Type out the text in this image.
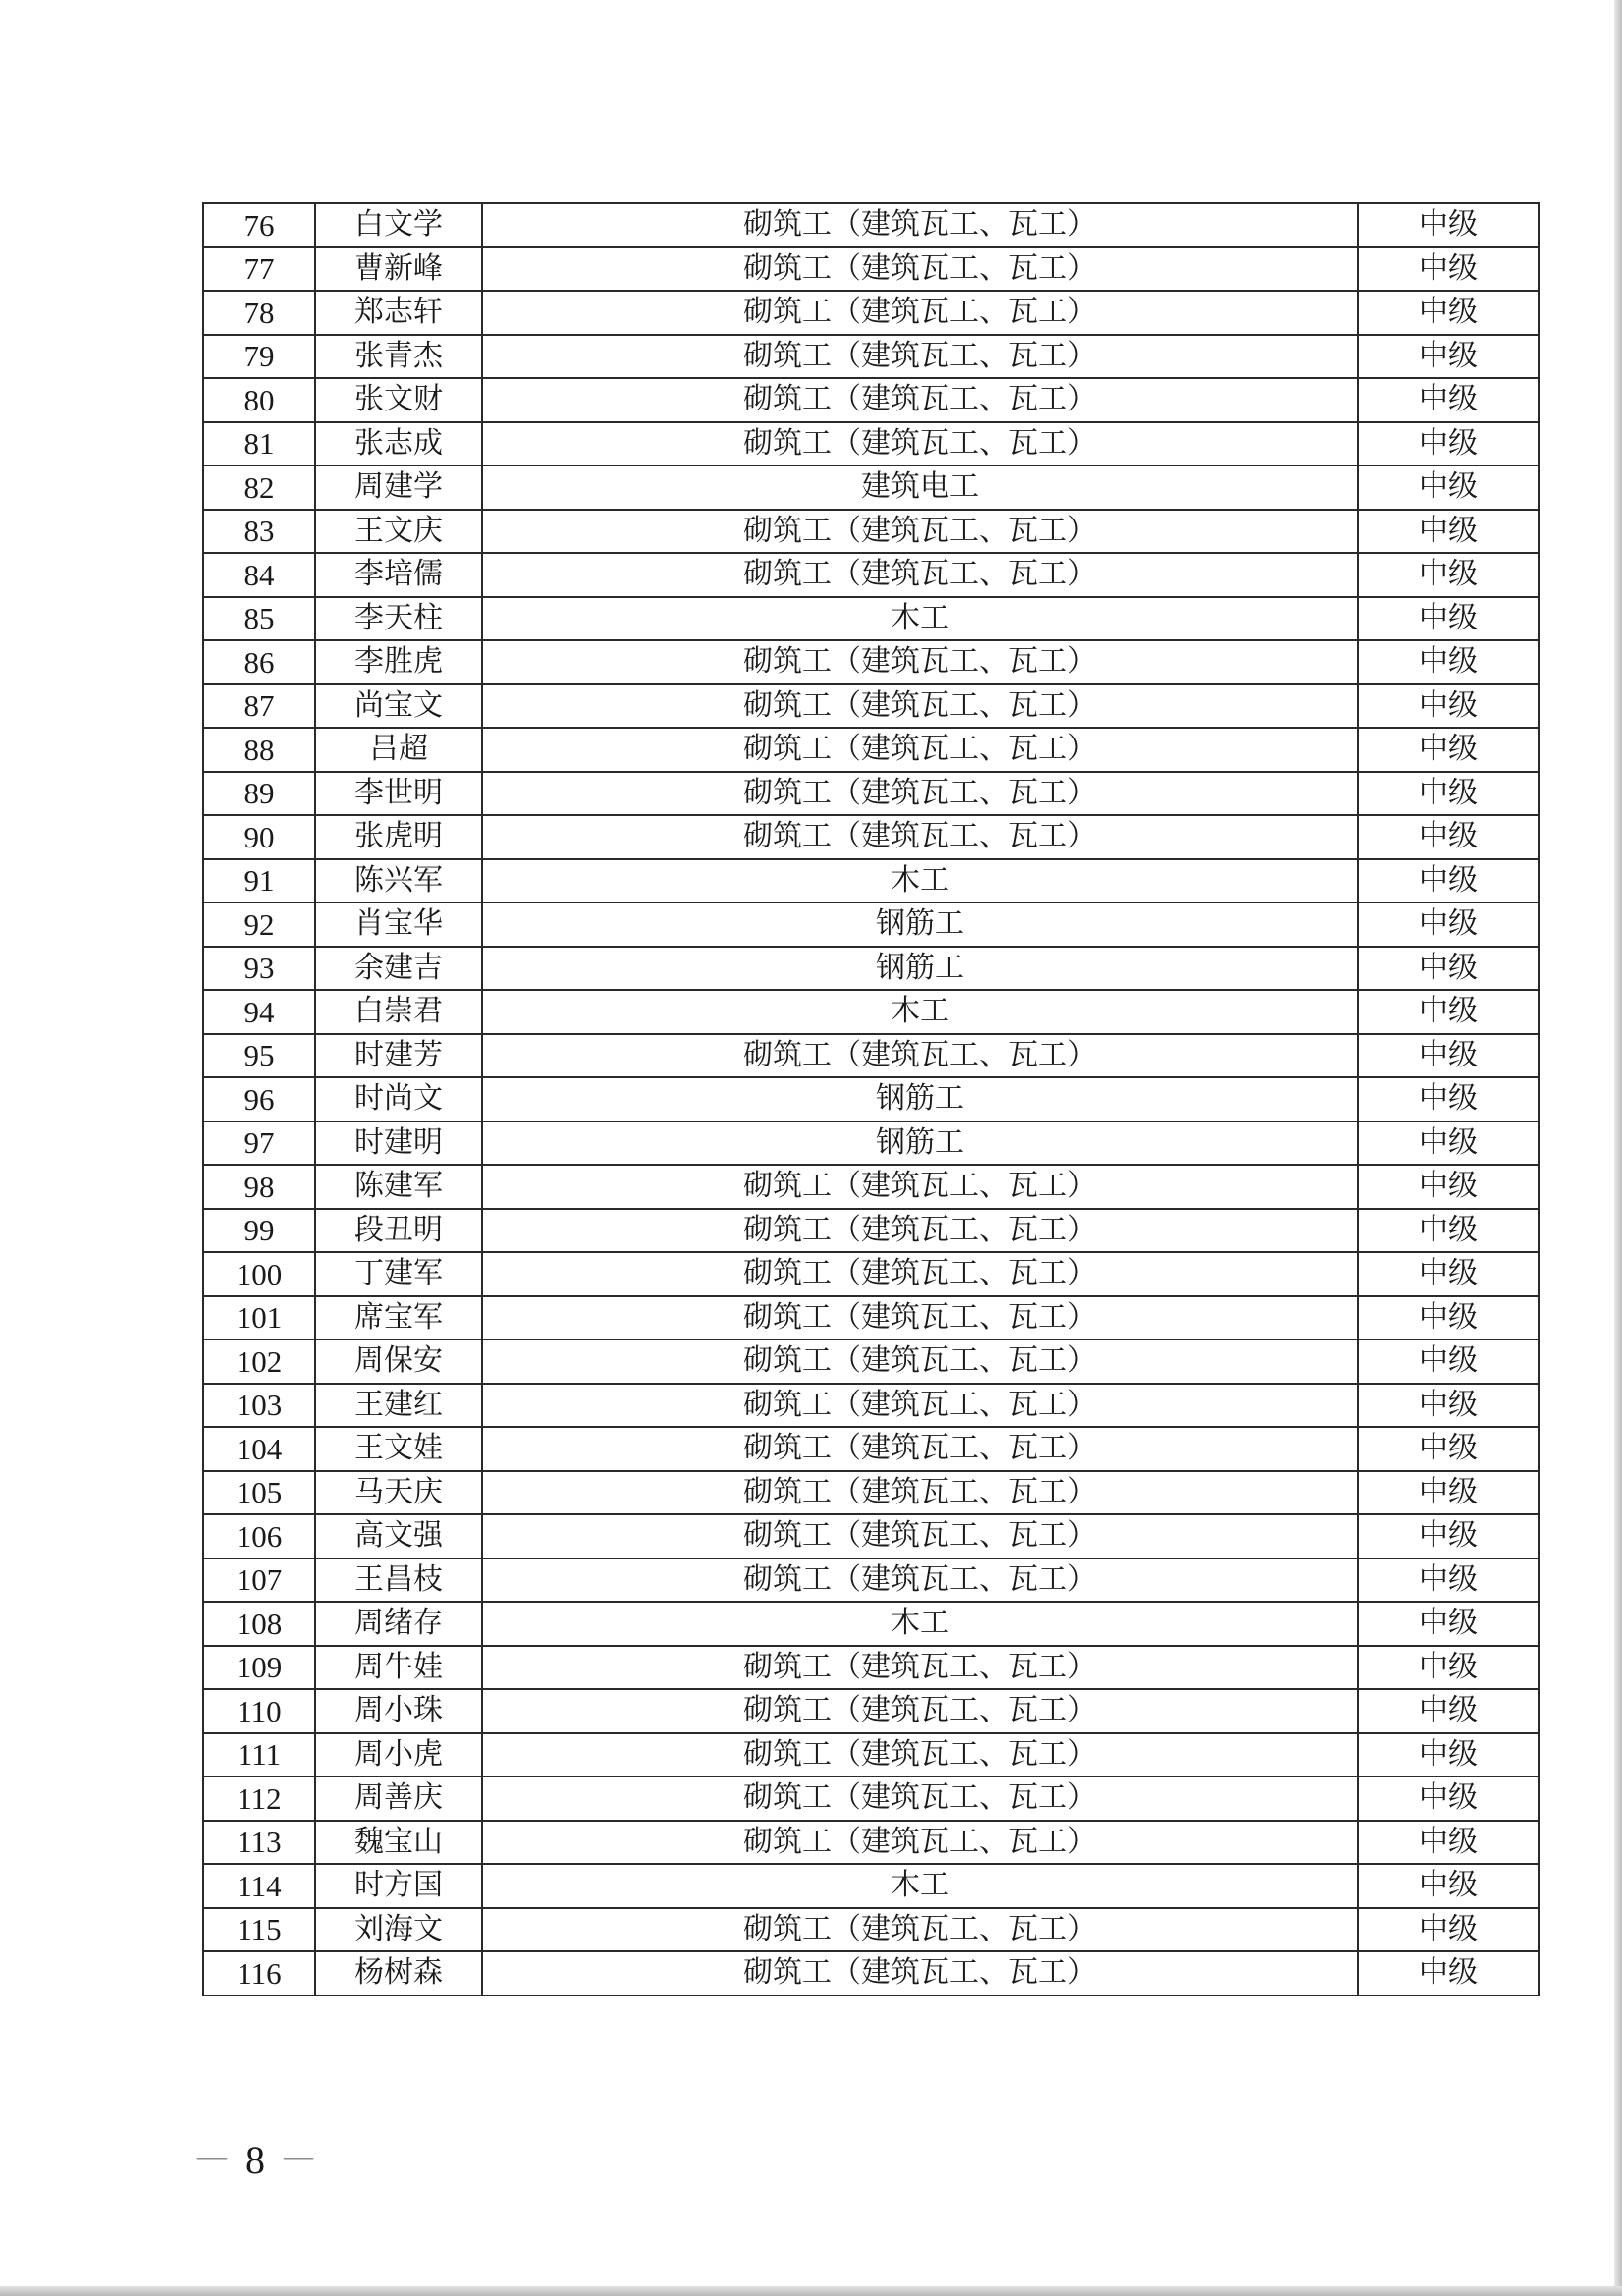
76	白文学	砌筑工（建筑瓦工、瓦工）	中级
77	曹新峰	砌筑工（建筑瓦工、瓦工）	中级
78	郑志轩	砌筑工（建筑瓦工、瓦工）	中级
79	张青杰	砌筑工（建筑瓦工、瓦工）	中级
80	张文财	砌筑工（建筑瓦工、瓦工）	中级
81	张志成	砌筑工（建筑瓦工、瓦工）	中级
82	周建学	建筑电工	中级
83	王文庆	砌筑工（建筑瓦工、瓦工）	中级
84	李培儒	砌筑工（建筑瓦工、瓦工）	中级
85	李天柱	木工	中级
86	李胜虎	砌筑工（建筑瓦工、瓦工）	中级
87	尚宝文	砌筑工（建筑瓦工、瓦工）	中级
88	吕超	砌筑工（建筑瓦工、瓦工）	中级
89	李世明	砌筑工（建筑瓦工、瓦工）	中级
90	张虎明	砌筑工（建筑瓦工、瓦工）	中级
91	陈兴军	木工	中级
92	肖宝华	钢筋工	中级
93	余建吉	钢筋工	中级
94	白崇君	木工	中级
95	时建芳	砌筑工（建筑瓦工、瓦工）	中级
96	时尚文	钢筋工	中级
97	时建明	钢筋工	中级
98	陈建军	砌筑工（建筑瓦工、瓦工）	中级
99	段丑明	砌筑工（建筑瓦工、瓦工）	中级
100	丁建军	砌筑工（建筑瓦工、瓦工）	中级
101	席宝军	砌筑工（建筑瓦工、瓦工）	中级
102	周保安	砌筑工（建筑瓦工、瓦工）	中级
103	王建红	砌筑工（建筑瓦工、瓦工）	中级
104	王文娃	砌筑工（建筑瓦工、瓦工）	中级
105	马天庆	砌筑工（建筑瓦工、瓦工）	中级
106	高文强	砌筑工（建筑瓦工、瓦工）	中级
107	王昌枝	砌筑工（建筑瓦工、瓦工）	中级
108	周绪存	木工	中级
109	周牛娃	砌筑工（建筑瓦工、瓦工）	中级
110	周小珠	砌筑工（建筑瓦工、瓦工）	中级
111	周小虎	砌筑工（建筑瓦工、瓦工）	中级
112	周善庆	砌筑工（建筑瓦工、瓦工）	中级
113	魏宝山	砌筑工（建筑瓦工、瓦工）	中级
114	时方国	木工	中级
115	刘海文	砌筑工（建筑瓦工、瓦工）	中级
116	杨树森	砌筑工（建筑瓦工、瓦工）	中级
－ 8 －
